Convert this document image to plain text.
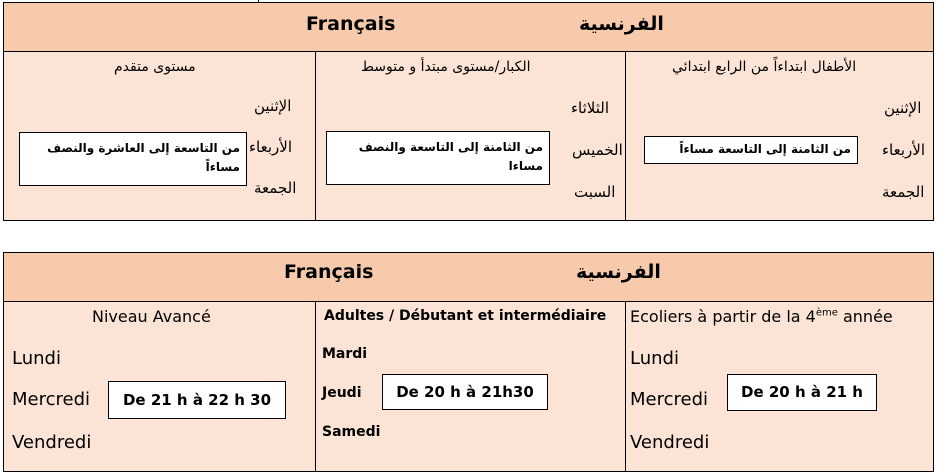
Français	الفرنسية
مستوى متقدم
الإثنين
الأربعاء
الجمعة
من التاسعة إلى العاشرة والنصف
مساءاً
الكبار/مستوى مبتدأ و متوسط
الثلاثاء
الخميس
السبت
من الثامنة إلى التاسعة والنصف
مساءا
الأطفال ابتداءاً من الرابع ابتدائي
الإثنين
الأربعاء
الجمعة
من الثامنة إلى التاسعة مساءاً
Français	الفرنسية
Niveau Avancé
Lundi
Mercredi
Vendredi
De 21 h à 22 h 30
Adultes / Débutant et intermédiaire
Mardi
Jeudi
Samedi
De 20 h à 21h30
Ecoliers à partir de la 4ème année
Lundi
Mercredi
Vendredi
De 20 h à 21 h
